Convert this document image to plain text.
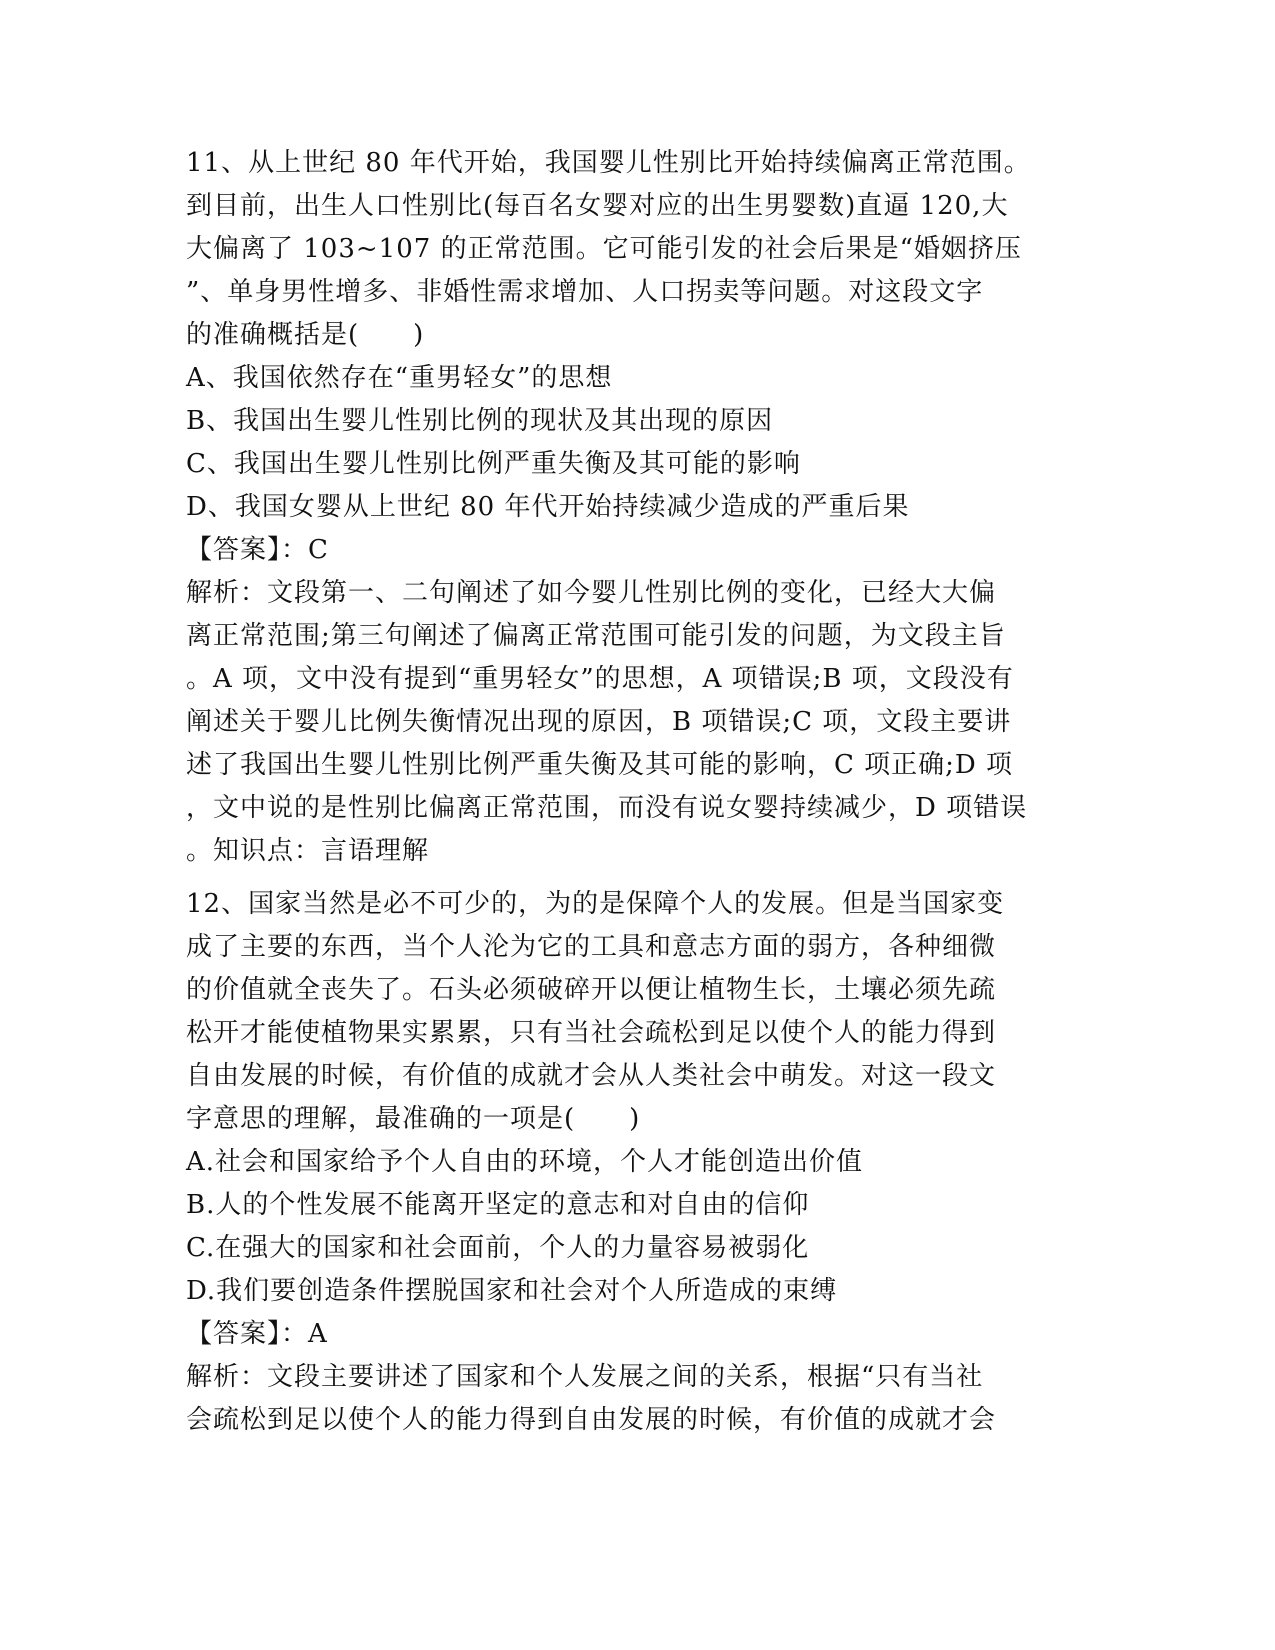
11、从上世纪 80 年代开始，我国婴儿性别比开始持续偏离正常范围。
到目前，出生人口性别比(每百名女婴对应的出生男婴数)直逼 120,大
大偏离了 103~107 的正常范围。它可能引发的社会后果是“婚姻挤压
”、单身男性增多、非婚性需求增加、人口拐卖等问题。对这段文字
的准确概括是(　　)
A、我国依然存在“重男轻女”的思想
B、我国出生婴儿性别比例的现状及其出现的原因
C、我国出生婴儿性别比例严重失衡及其可能的影响
D、我国女婴从上世纪 80 年代开始持续减少造成的严重后果
【答案】：C
解析：文段第一、二句阐述了如今婴儿性别比例的变化，已经大大偏
离正常范围;第三句阐述了偏离正常范围可能引发的问题，为文段主旨
。A 项，文中没有提到“重男轻女”的思想，A 项错误;B 项，文段没有
阐述关于婴儿比例失衡情况出现的原因，B 项错误;C 项，文段主要讲
述了我国出生婴儿性别比例严重失衡及其可能的影响，C 项正确;D 项
，文中说的是性别比偏离正常范围，而没有说女婴持续减少，D 项错误
。知识点：言语理解
12、国家当然是必不可少的，为的是保障个人的发展。但是当国家变
成了主要的东西，当个人沦为它的工具和意志方面的弱方，各种细微
的价值就全丧失了。石头必须破碎开以便让植物生长，土壤必须先疏
松开才能使植物果实累累，只有当社会疏松到足以使个人的能力得到
自由发展的时候，有价值的成就才会从人类社会中萌发。对这一段文
字意思的理解，最准确的一项是(　　)
A.社会和国家给予个人自由的环境，个人才能创造出价值
B.人的个性发展不能离开坚定的意志和对自由的信仰
C.在强大的国家和社会面前，个人的力量容易被弱化
D.我们要创造条件摆脱国家和社会对个人所造成的束缚
【答案】：A
解析：文段主要讲述了国家和个人发展之间的关系，根据“只有当社
会疏松到足以使个人的能力得到自由发展的时候，有价值的成就才会
